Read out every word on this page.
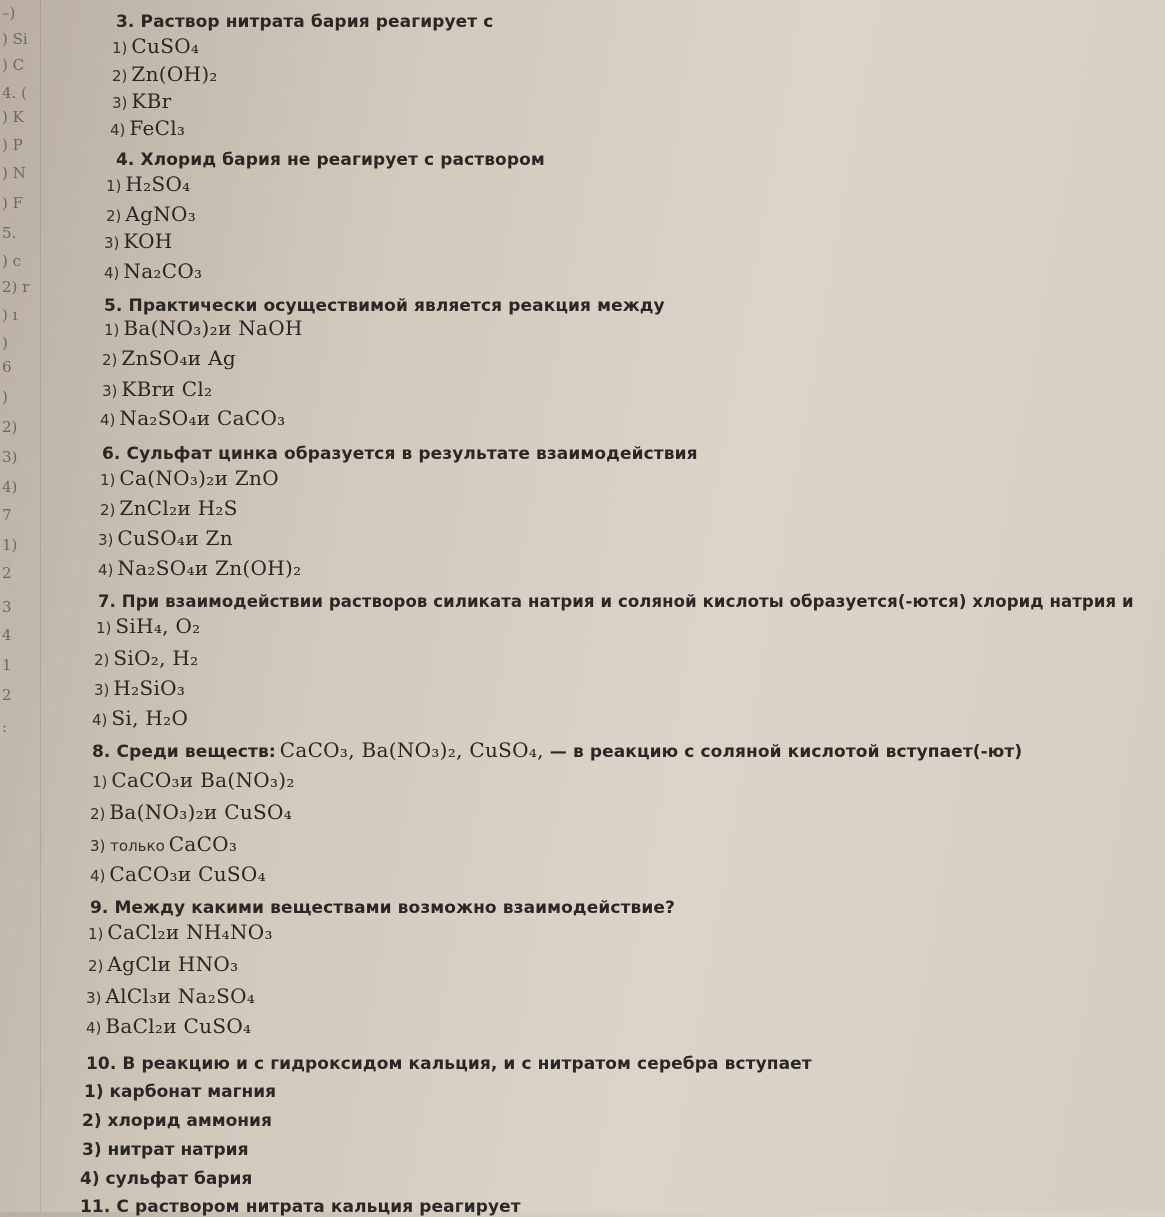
–)
) Si
) C
4. (
) K
) P
) N
) F
5.
) c
2) r
) ı
)
6
)
2)
3)
4)
7
1)
2
3
4
1
2
:
3. Раствор нитрата бария реагирует с
1) CuSO₄
2) Zn(OH)₂
3) KBr
4) FeCl₃
4. Хлорид бария не реагирует с раствором
1) H₂SO₄
2) AgNO₃
3) KOH
4) Na₂CO₃
5. Практически осуществимой является реакция между
1) Ba(NO₃)₂и NaOH
2) ZnSO₄и Ag
3) KBrи Cl₂
4) Na₂SO₄и CaCO₃
6. Сульфат цинка образуется в результате взаимодействия
1) Ca(NO₃)₂и ZnO
2) ZnCl₂и H₂S
3) CuSO₄и Zn
4) Na₂SO₄и Zn(OH)₂
7. При взаимодействии растворов силиката натрия и соляной кислоты образуется(-ются) хлорид натрия и
1) SiH₄, O₂
2) SiO₂, H₂
3) H₂SiO₃
4) Si, H₂O
8. Среди веществ: CaCO₃, Ba(NO₃)₂, CuSO₄, — в реакцию с соляной кислотой вступает(-ют)
1) CaCO₃и Ba(NO₃)₂
2) Ba(NO₃)₂и CuSO₄
3) только CaCO₃
4) CaCO₃и CuSO₄
9. Между какими веществами возможно взаимодействие?
1) CaCl₂и NH₄NO₃
2) AgClи HNO₃
3) AlCl₃и Na₂SO₄
4) BaCl₂и CuSO₄
10. В реакцию и с гидроксидом кальция, и с нитратом серебра вступает
1) карбонат магния
2) хлорид аммония
3) нитрат натрия
4) сульфат бария
11. С раствором нитрата кальция реагирует
